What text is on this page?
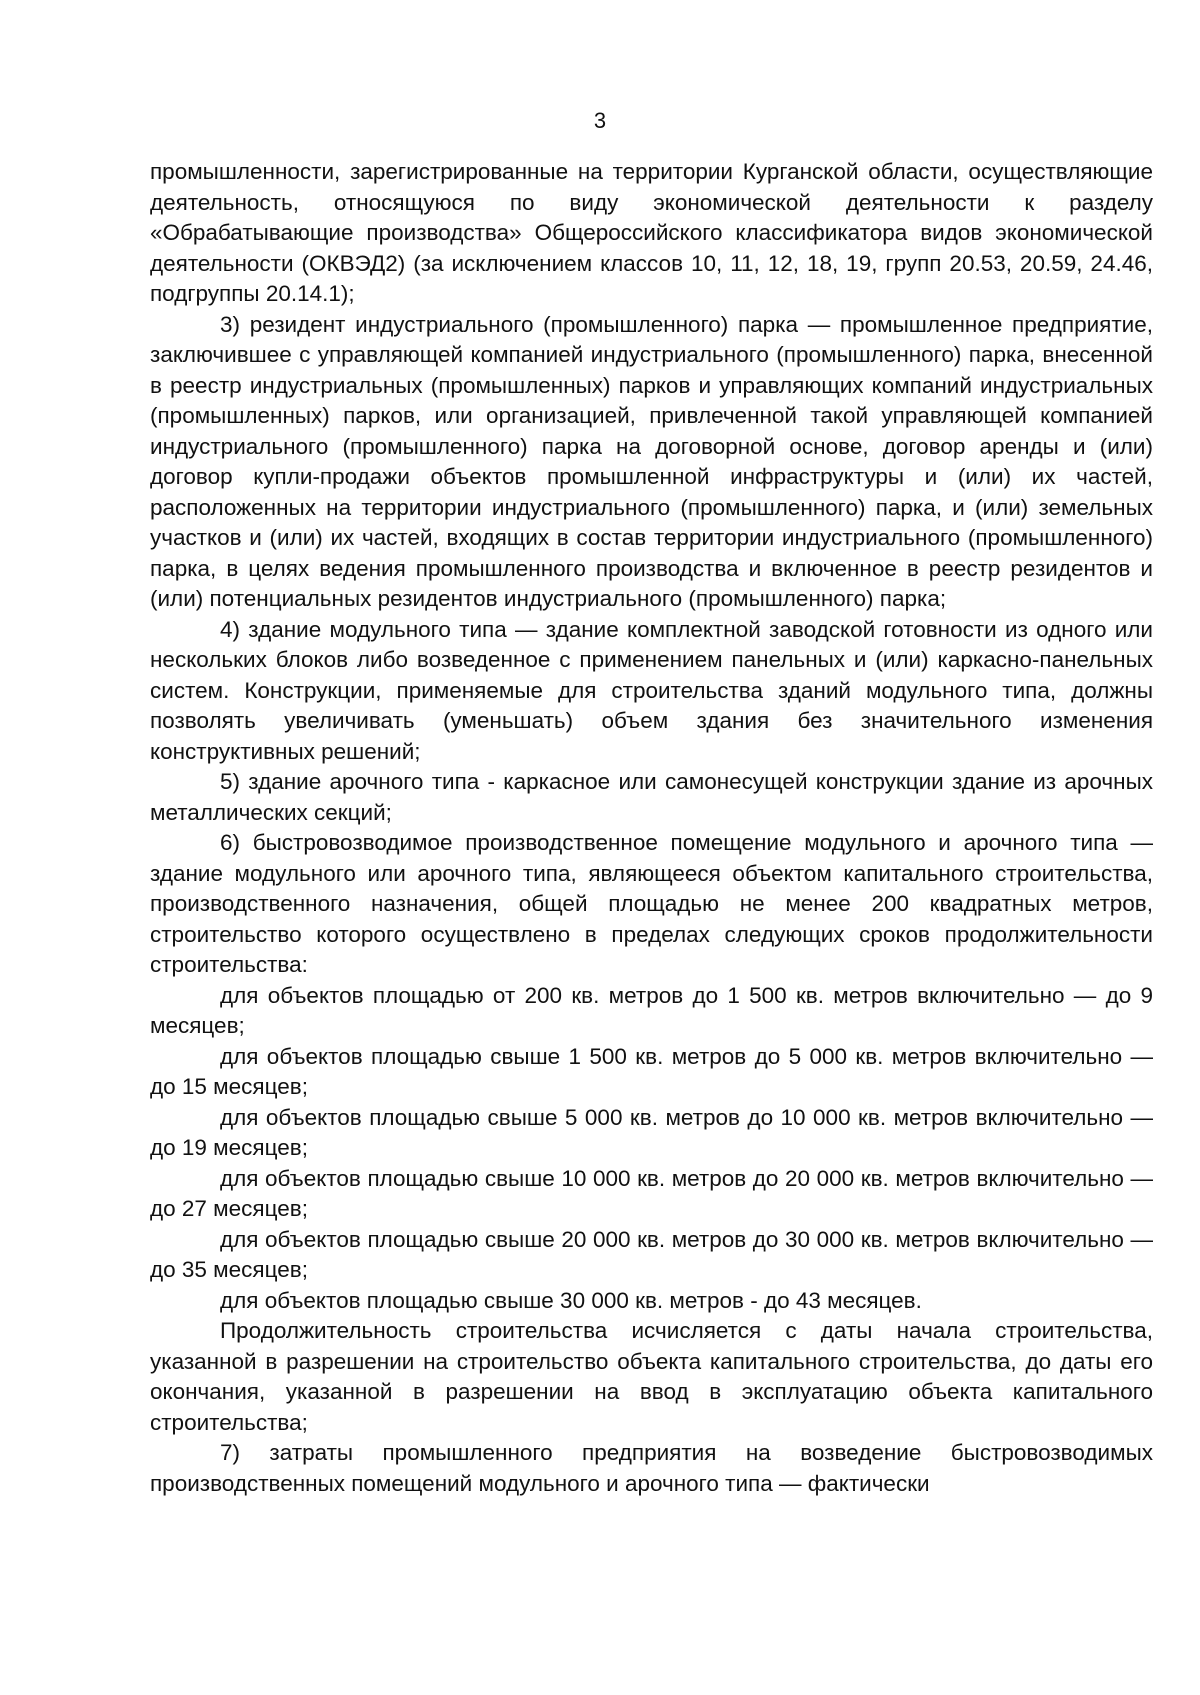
3

промышленности, зарегистрированные на территории Курганской области, осуществляющие деятельность, относящуюся по виду экономической деятельности к разделу «Обрабатывающие производства» Общероссийского классификатора видов экономической деятельности (ОКВЭД2) (за исключением классов 10, 11, 12, 18, 19, групп 20.53, 20.59, 24.46, подгруппы 20.14.1);

3) резидент индустриального (промышленного) парка — промышленное предприятие, заключившее с управляющей компанией индустриального (промышленного) парка, внесенной в реестр индустриальных (промышленных) парков и управляющих компаний индустриальных (промышленных) парков, или организацией, привлеченной такой управляющей компанией индустриального (промышленного) парка на договорной основе, договор аренды и (или) договор купли-продажи объектов промышленной инфраструктуры и (или) их частей, расположенных на территории индустриального (промышленного) парка, и (или) земельных участков и (или) их частей, входящих в состав территории индустриального (промышленного) парка, в целях ведения промышленного производства и включенное в реестр резидентов и (или) потенциальных резидентов индустриального (промышленного) парка;

4) здание модульного типа — здание комплектной заводской готовности из одного или нескольких блоков либо возведенное с применением панельных и (или) каркасно-панельных систем. Конструкции, применяемые для строительства зданий модульного типа, должны позволять увеличивать (уменьшать) объем здания без значительного изменения конструктивных решений;

5) здание арочного типа - каркасное или самонесущей конструкции здание из арочных металлических секций;

6) быстровозводимое производственное помещение модульного и арочного типа — здание модульного или арочного типа, являющееся объектом капитального строительства, производственного назначения, общей площадью не менее 200 квадратных метров, строительство которого осуществлено в пределах следующих сроков продолжительности строительства:

для объектов площадью от 200 кв. метров до 1 500 кв. метров включительно — до 9 месяцев;

для объектов площадью свыше 1 500 кв. метров до 5 000 кв. метров включительно — до 15 месяцев;

для объектов площадью свыше 5 000 кв. метров до 10 000 кв. метров включительно — до 19 месяцев;

для объектов площадью свыше 10 000 кв. метров до 20 000 кв. метров включительно — до 27 месяцев;

для объектов площадью свыше 20 000 кв. метров до 30 000 кв. метров включительно — до 35 месяцев;

для объектов площадью свыше 30 000 кв. метров - до 43 месяцев.

Продолжительность строительства исчисляется с даты начала строительства, указанной в разрешении на строительство объекта капитального строительства, до даты его окончания, указанной в разрешении на ввод в эксплуатацию объекта капитального строительства;

7) затраты промышленного предприятия на возведение быстровозводимых производственных помещений модульного и арочного типа — фактически
